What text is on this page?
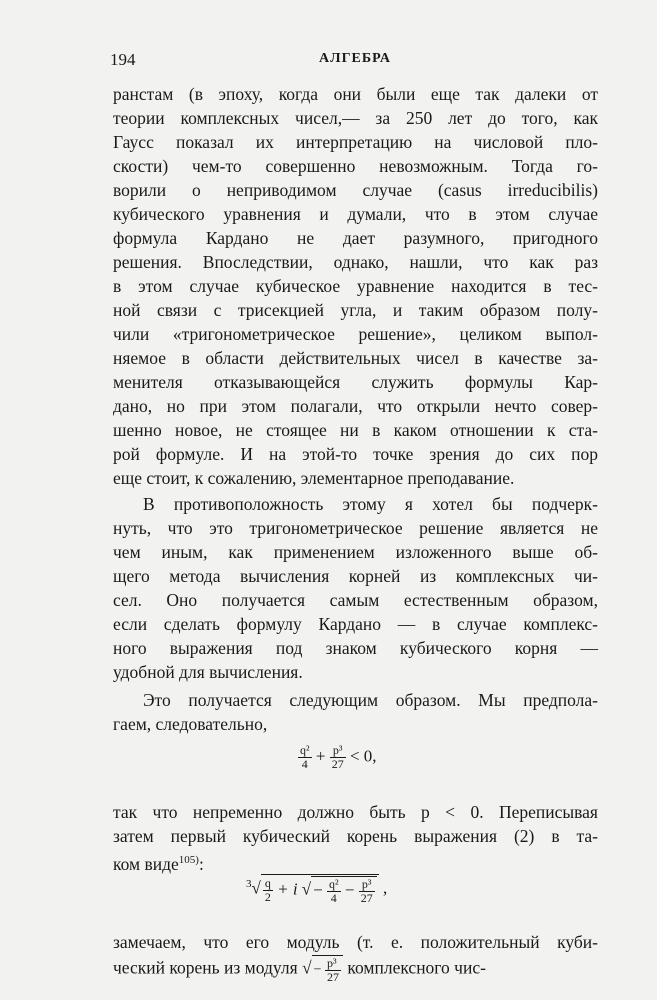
194	АЛГЕБРА
ранстам (в эпоху, когда они были еще так далеки от
теории комплексных чисел,— за 250 лет до того, как
Гаусс показал их интерпретацию на числовой пло-
скости) чем-то совершенно невозможным. Тогда го-
ворили о неприводимом случае (casus irreducibilis)
кубического уравнения и думали, что в этом случае
формула Кардано не дает разумного, пригодного
решения. Впоследствии, однако, нашли, что как раз
в этом случае кубическое уравнение находится в тес-
ной связи с трисекцией угла, и таким образом полу-
чили «тригонометрическое решение», целиком выпол-
няемое в области действительных чисел в качестве за-
менителя отказывающейся служить формулы Кар-
дано, но при этом полагали, что открыли нечто совер-
шенно новое, не стоящее ни в каком отношении к ста-
рой формуле. И на этой-то точке зрения до сих пор
еще стоит, к сожалению, элементарное преподавание.
В противоположность этому я хотел бы подчерк-
нуть, что это тригонометрическое решение является не
чем иным, как применением изложенного выше об-
щего метода вычисления корней из комплексных чи-
сел. Оно получается самым естественным образом,
если сделать формулу Кардано — в случае комплекс-
ного выражения под знаком кубического корня —
удобной для вычисления.
Это получается следующим образом. Мы предпола-
гаем, следовательно,
$\frac{\text{q²}}{4} + \frac{\text{p³}}{27} < 0$,
так что непременно должно быть p < 0. Переписывая
затем первый кубический корень выражения (2) в та-
ком виде$^{105)}$:
$^3√ \frac{q}{2} + i$ √ − $\frac{\text{q²}}{4} - \frac{\text{p³}}{27}$ ,
замечаем, что его модуль (т. е. положительный куби-
ческий корень из модуля √ − $\frac{\text{p³}}{27}$ комплексного чис-
